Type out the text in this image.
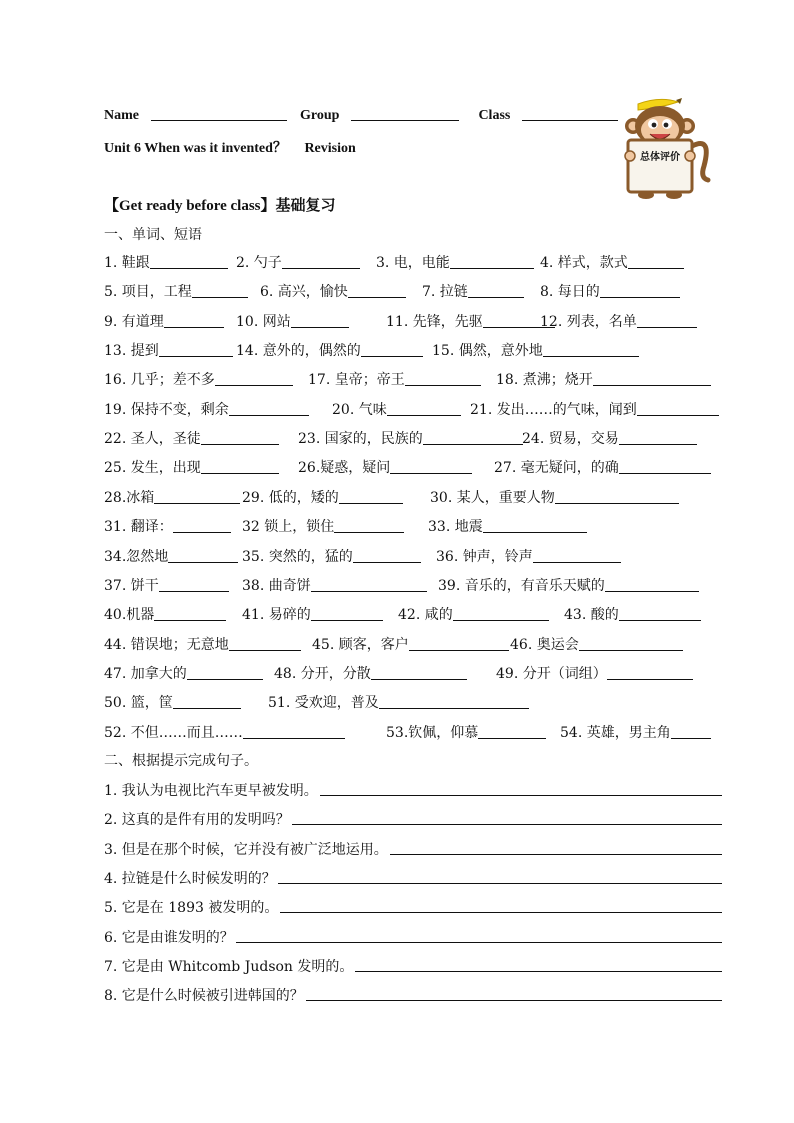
Name	Group	Class
Unit 6 When was it invented？ Revision
总体评价
【Get ready before class】基础复习
一、单词、短语
1. 鞋跟	2. 勺子	3. 电，电能	4. 样式，款式
5. 项目，工程	6. 高兴，愉快	7. 拉链	8. 每日的
9. 有道理	10. 网站	11. 先锋，先驱	12. 列表，名单
13. 提到	14. 意外的，偶然的	15. 偶然，意外地
16. 几乎；差不多	17. 皇帝；帝王	18. 煮沸；烧开
19. 保持不变，剩余	20. 气味	21. 发出……的气味，闻到
22. 圣人，圣徒	23. 国家的，民族的	24. 贸易，交易
25. 发生，出现	26.疑惑，疑问	27. 毫无疑问，的确
28.冰箱	29. 低的，矮的	30. 某人，重要人物
31. 翻译：	32 锁上，锁住	33. 地震
34.忽然地	35. 突然的，猛的	36. 钟声，铃声
37. 饼干	38. 曲奇饼	39. 音乐的，有音乐天赋的
40.机器	41. 易碎的	42. 咸的	43. 酸的
44. 错误地；无意地	45. 顾客，客户	46. 奥运会
47. 加拿大的	48. 分开，分散	49. 分开（词组）
50. 篮，筐	51. 受欢迎，普及
52. 不但……而且……	53.钦佩，仰慕	54. 英雄，男主角
二、根据提示完成句子。
1. 我认为电视比汽车更早被发明。
2. 这真的是件有用的发明吗？
3. 但是在那个时候，它并没有被广泛地运用。
4. 拉链是什么时候发明的？
5. 它是在 1893 被发明的。
6. 它是由谁发明的？
7. 它是由 Whitcomb Judson 发明的。
8. 它是什么时候被引进韩国的？
